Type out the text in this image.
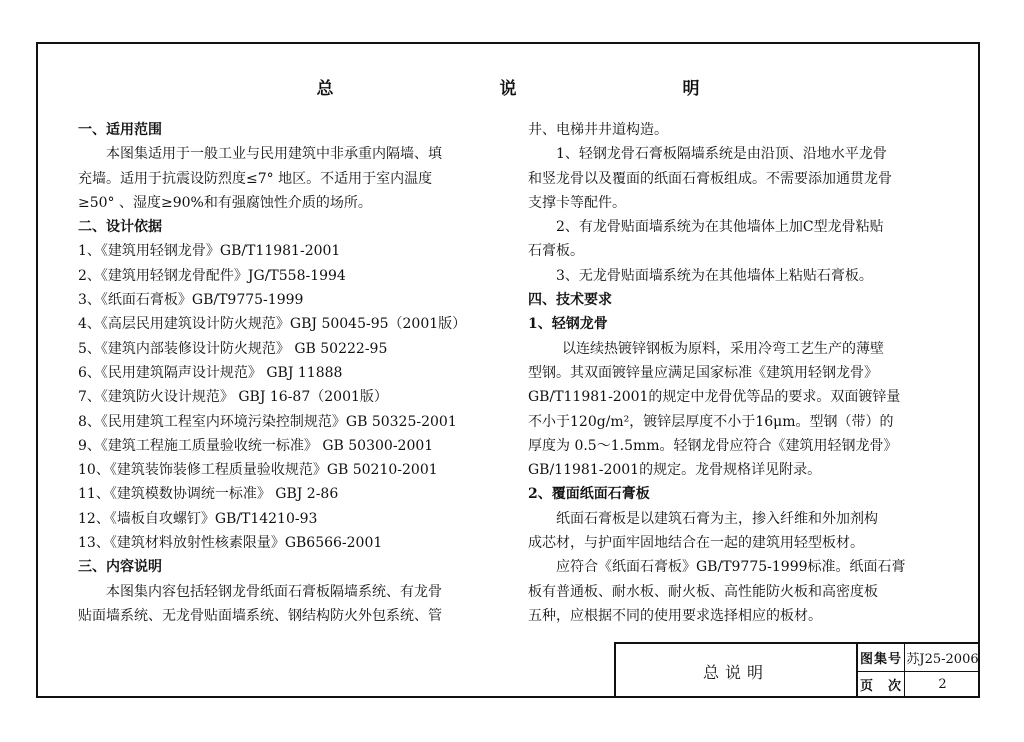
总　　说　　明
一、适用范围
本图集适用于一般工业与民用建筑中非承重内隔墙、填
充墙。适用于抗震设防烈度≤7° 地区。不适用于室内温度
≥50° 、湿度≥90%和有强腐蚀性介质的场所。
二、设计依据
1、《建筑用轻钢龙骨》GB/T11981-2001
2、《建筑用轻钢龙骨配件》JG/T558-1994
3、《纸面石膏板》GB/T9775-1999
4、《高层民用建筑设计防火规范》GBJ 50045-95（2001版）
5、《建筑内部装修设计防火规范》 GB 50222-95
6、《民用建筑隔声设计规范》 GBJ 11888
7、《建筑防火设计规范》 GBJ 16-87（2001版）
8、《民用建筑工程室内环境污染控制规范》GB 50325-2001
9、《建筑工程施工质量验收统一标准》 GB 50300-2001
10、《建筑装饰装修工程质量验收规范》GB 50210-2001
11、《建筑模数协调统一标准》 GBJ 2-86
12、《墙板自攻螺钉》GB/T14210-93
13、《建筑材料放射性核素限量》GB6566-2001
三、内容说明
本图集内容包括轻钢龙骨纸面石膏板隔墙系统、有龙骨
贴面墙系统、无龙骨贴面墙系统、钢结构防火外包系统、管
井、电梯井井道构造。
1、轻钢龙骨石膏板隔墙系统是由沿顶、沿地水平龙骨
和竖龙骨以及覆面的纸面石膏板组成。不需要添加通贯龙骨
支撑卡等配件。
2、有龙骨贴面墙系统为在其他墙体上加C型龙骨粘贴
石膏板。
3、无龙骨贴面墙系统为在其他墙体上粘贴石膏板。
四、技术要求
1、轻钢龙骨
以连续热镀锌钢板为原料，采用冷弯工艺生产的薄壁
型钢。其双面镀锌量应满足国家标准《建筑用轻钢龙骨》
GB/T11981-2001的规定中龙骨优等品的要求。双面镀锌量
不小于120g/m²，镀锌层厚度不小于16μm。型钢（带）的
厚度为 0.5～1.5mm。轻钢龙骨应符合《建筑用轻钢龙骨》
GB/11981-2001的规定。龙骨规格详见附录。
2、覆面纸面石膏板
纸面石膏板是以建筑石膏为主，掺入纤维和外加剂构
成芯材，与护面牢固地结合在一起的建筑用轻型板材。
应符合《纸面石膏板》GB/T9775-1999标准。纸面石膏
板有普通板、耐水板、耐火板、高性能防火板和高密度板
五种，应根据不同的使用要求选择相应的板材。
总说明
图集号 苏J25-2006
页　次	2
